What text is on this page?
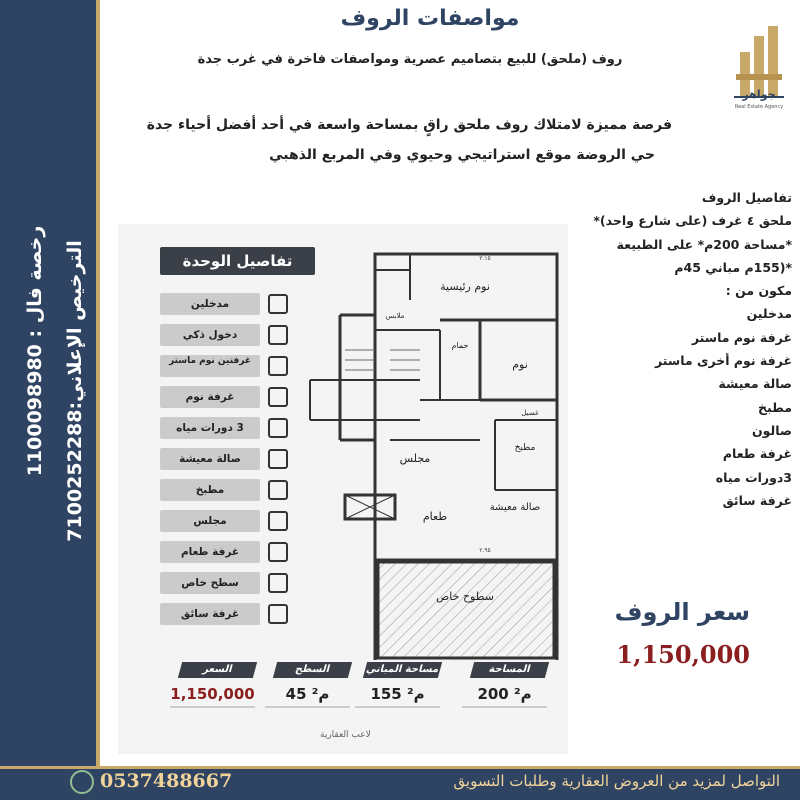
رخصة فال : 1100098980
الترخيص الإعلاني:7100252288
مواصفات الروف
روف (ملحق) للبيع بتصاميم عصرية ومواصفات فاخرة في غرب جدة
فرصة مميزة لامتلاك روف ملحق راقٍ بمساحة واسعة في أحد أفضل أحياء جدة
حي الروضة موقع استراتيجي وحيوي وفي المربع الذهبي
جواهر
Real Estate Agency
تفاصيل الروف
ملحق ٤ غرف (على شارع واحد)*
*مساحة 200م* على الطبيعة
*(155م مباني 45م
مكون من :
مدخلين
غرفة نوم ماستر
غرفة نوم أخرى ماستر
صالة معيشة
مطبخ
صالون
غرفة طعام
3دورات مياه
غرفة سائق
سعر الروف
1,150,000
تفاصيل الوحدة
مدخلين
دخول ذكي
غرفتين نوم ماستر
غرفة نوم
3 دورات مياه
صالة معيشة
مطبخ
مجلس
غرفة طعام
سطح خاص
غرفة سائق
نوم رئيسية
نوم
مجلس
طعام
مطبخ
صالة معيشة
سطوح خاص
حمام
ملابس
غسيل
٣.١٥
٢.٩٥
المساحة
200 م²
مساحة المباني
155 م²
السطح
45 م²
السعر
1,150,000
لاعب العقارية
0537488667	التواصل لمزيد من العروض العقارية وطلبات التسويق
